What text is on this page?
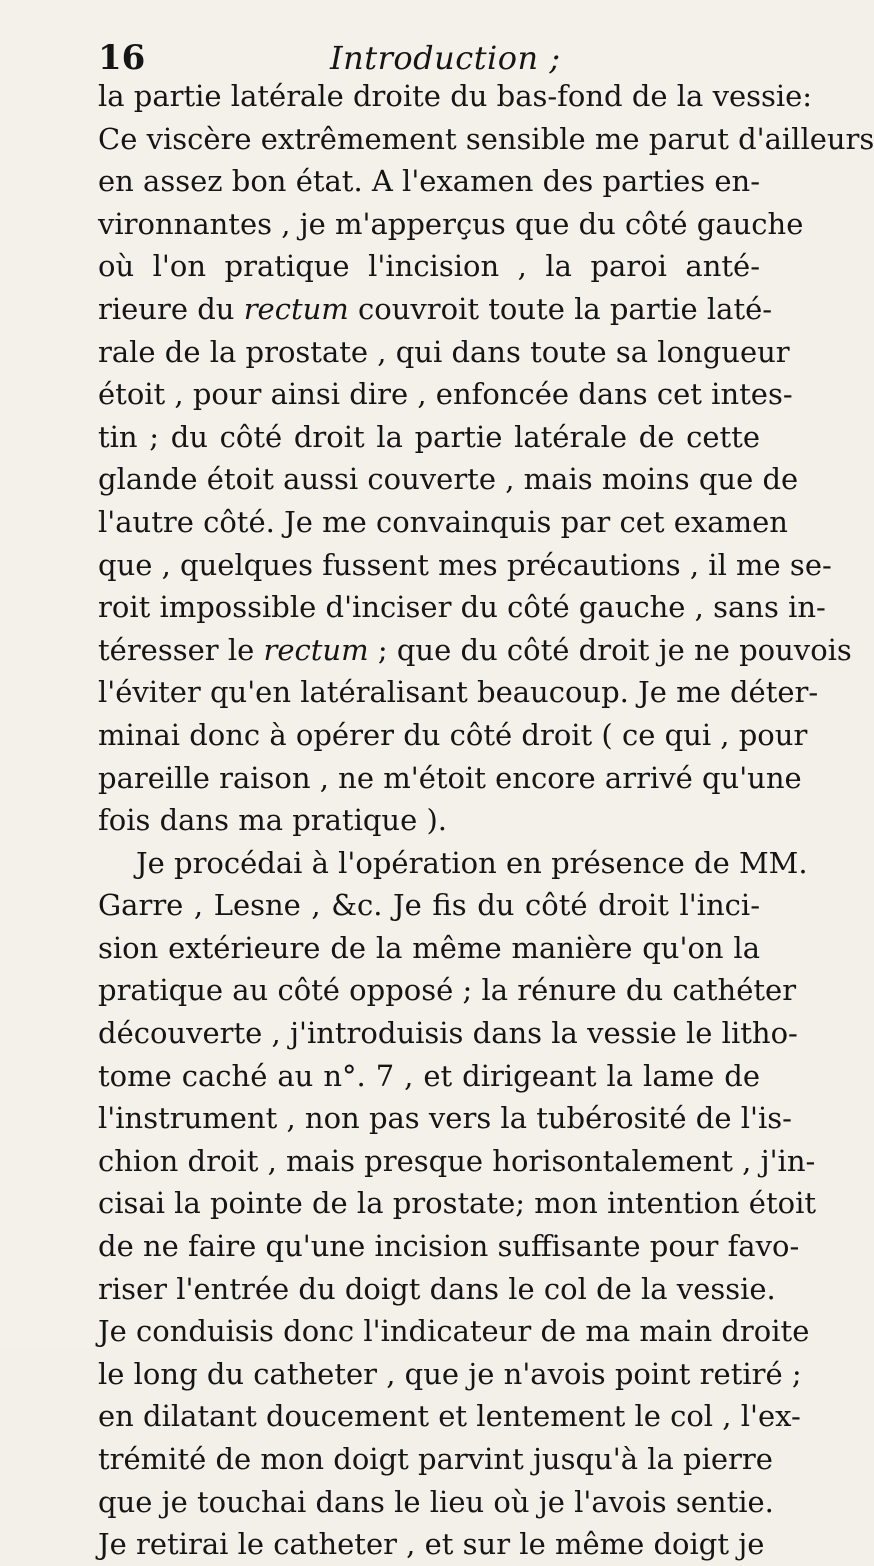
16	Introduction ;
la partie latérale droite du bas-fond de la vessie:
Ce viscère extrêmement sensible me parut d'ailleurs
en assez bon état. A l'examen des parties en-
vironnantes , je m'apperçus que du côté gauche
où l'on pratique l'incision , la paroi anté-
rieure du rectum couvroit toute la partie laté-
rale de la prostate , qui dans toute sa longueur
étoit , pour ainsi dire , enfoncée dans cet intes-
tin ; du côté droit la partie latérale de cette
glande étoit aussi couverte , mais moins que de
l'autre côté. Je me convainquis par cet examen
que , quelques fussent mes précautions , il me se-
roit impossible d'inciser du côté gauche , sans in-
téresser le rectum ; que du côté droit je ne pouvois
l'éviter qu'en latéralisant beaucoup. Je me déter-
minai donc à opérer du côté droit ( ce qui , pour
pareille raison , ne m'étoit encore arrivé qu'une
fois dans ma pratique ).
Je procédai à l'opération en présence de MM.
Garre , Lesne , &c. Je fis du côté droit l'inci-
sion extérieure de la même manière qu'on la
pratique au côté opposé ; la rénure du cathéter
découverte , j'introduisis dans la vessie le litho-
tome caché au n°. 7 , et dirigeant la lame de
l'instrument , non pas vers la tubérosité de l'is-
chion droit , mais presque horisontalement , j'in-
cisai la pointe de la prostate; mon intention étoit
de ne faire qu'une incision suffisante pour favo-
riser l'entrée du doigt dans le col de la vessie.
Je conduisis donc l'indicateur de ma main droite
le long du catheter , que je n'avois point retiré ;
en dilatant doucement et lentement le col , l'ex-
trémité de mon doigt parvint jusqu'à la pierre
que je touchai dans le lieu où je l'avois sentie.
Je retirai le catheter , et sur le même doigt je
